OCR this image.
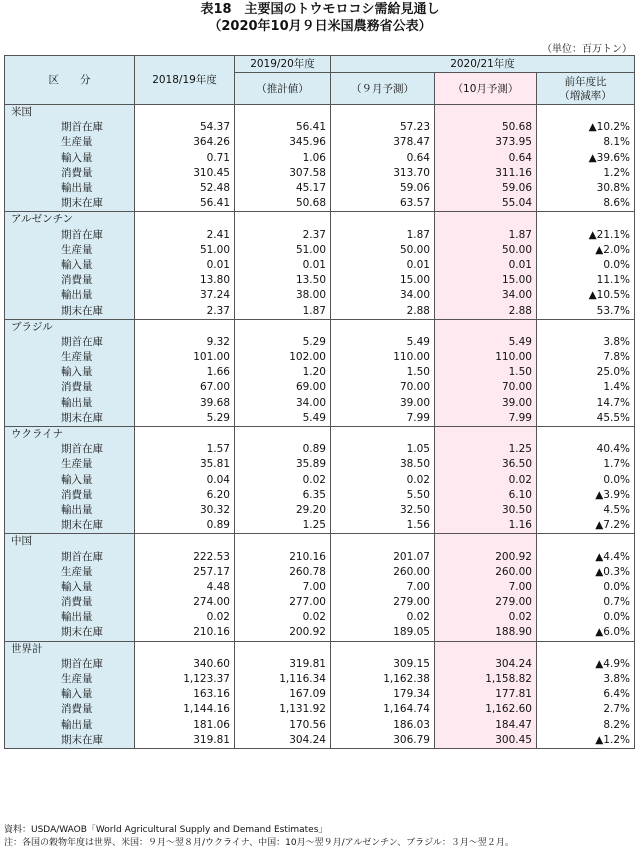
表18　主要国のトウモロコシ需給見通し
（2020年10月９日米国農務省公表）
（単位：百万トン）
区　　分	2018/19年度	2019/20年度	2020/21年度		
		（推計値）	（９月予測）	（10月予測）	前年度比
（増減率）
米国					
期首在庫	54.37	56.41	57.23	50.68	▲10.2%
生産量	364.26	345.96	378.47	373.95	8.1%
輸入量	0.71	1.06	0.64	0.64	▲39.6%
消費量	310.45	307.58	313.70	311.16	1.2%
輸出量	52.48	45.17	59.06	59.06	30.8%
期末在庫	56.41	50.68	63.57	55.04	8.6%
アルゼンチン					
期首在庫	2.41	2.37	1.87	1.87	▲21.1%
生産量	51.00	51.00	50.00	50.00	▲2.0%
輸入量	0.01	0.01	0.01	0.01	0.0%
消費量	13.80	13.50	15.00	15.00	11.1%
輸出量	37.24	38.00	34.00	34.00	▲10.5%
期末在庫	2.37	1.87	2.88	2.88	53.7%
ブラジル					
期首在庫	9.32	5.29	5.49	5.49	3.8%
生産量	101.00	102.00	110.00	110.00	7.8%
輸入量	1.66	1.20	1.50	1.50	25.0%
消費量	67.00	69.00	70.00	70.00	1.4%
輸出量	39.68	34.00	39.00	39.00	14.7%
期末在庫	5.29	5.49	7.99	7.99	45.5%
ウクライナ					
期首在庫	1.57	0.89	1.05	1.25	40.4%
生産量	35.81	35.89	38.50	36.50	1.7%
輸入量	0.04	0.02	0.02	0.02	0.0%
消費量	6.20	6.35	5.50	6.10	▲3.9%
輸出量	30.32	29.20	32.50	30.50	4.5%
期末在庫	0.89	1.25	1.56	1.16	▲7.2%
中国					
期首在庫	222.53	210.16	201.07	200.92	▲4.4%
生産量	257.17	260.78	260.00	260.00	▲0.3%
輸入量	4.48	7.00	7.00	7.00	0.0%
消費量	274.00	277.00	279.00	279.00	0.7%
輸出量	0.02	0.02	0.02	0.02	0.0%
期末在庫	210.16	200.92	189.05	188.90	▲6.0%
世界計					
期首在庫	340.60	319.81	309.15	304.24	▲4.9%
生産量	1,123.37	1,116.34	1,162.38	1,158.82	3.8%
輸入量	163.16	167.09	179.34	177.81	6.4%
消費量	1,144.16	1,131.92	1,164.74	1,162.60	2.7%
輸出量	181.06	170.56	186.03	184.47	8.2%
期末在庫	319.81	304.24	306.79	300.45	▲1.2%
資料：USDA/WAOB「World Agricultural Supply and Demand Estimates」
注：各国の穀物年度は世界、米国：９月～翌８月/ウクライナ、中国：10月～翌９月/アルゼンチン、ブラジル：３月～翌２月。
